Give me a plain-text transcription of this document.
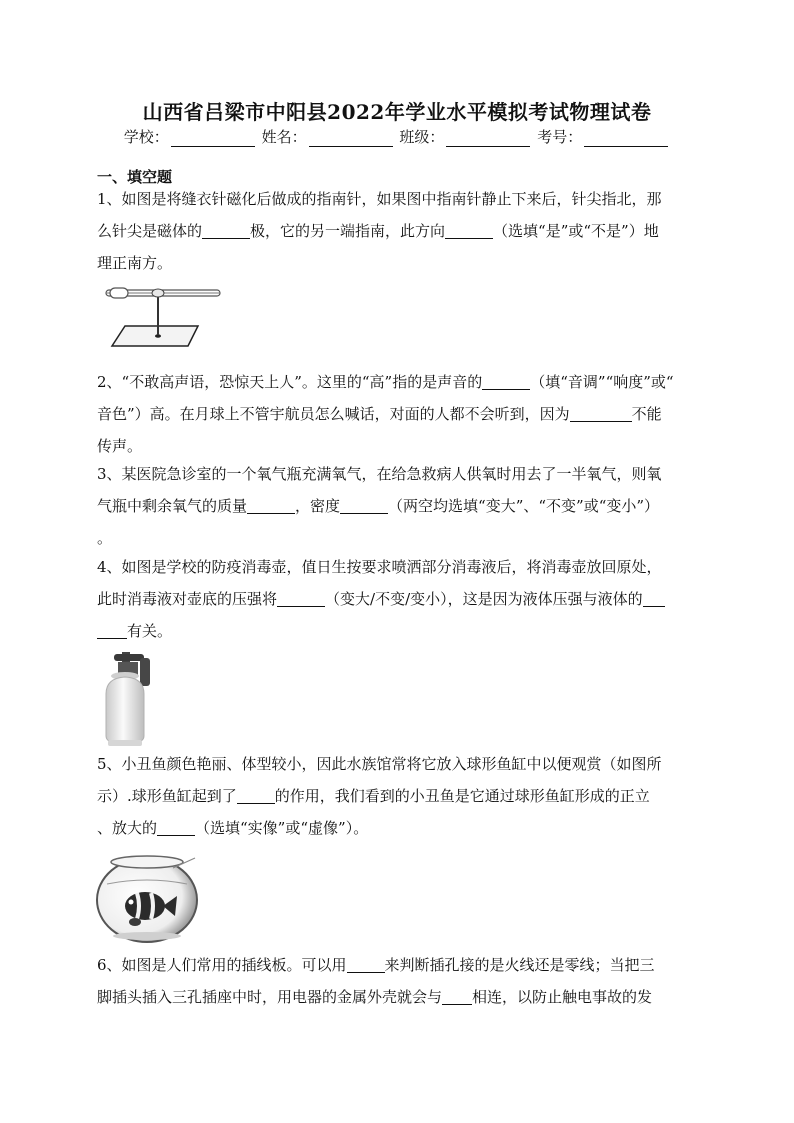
山西省吕梁市中阳县2022年学业水平模拟考试物理试卷
学校：	姓名：	班级：	考号：
一、填空题
1、如图是将缝衣针磁化后做成的指南针，如果图中指南针静止下来后，针尖指北，那
么针尖是磁体的	极，它的另一端指南，此方向	（选填“是”或“不是”）地
理正南方。
2、“不敢高声语，恐惊天上人”。这里的“高”指的是声音的	（填“音调”“响度”或“
音色”）高。在月球上不管宇航员怎么喊话，对面的人都不会听到，因为	不能
传声。
3、某医院急诊室的一个氧气瓶充满氧气，在给急救病人供氧时用去了一半氧气，则氧
气瓶中剩余氧气的质量	，密度	（两空均选填“变大”、“不变”或“变小”）
。
4、如图是学校的防疫消毒壶，值日生按要求喷洒部分消毒液后，将消毒壶放回原处，
此时消毒液对壶底的压强将	（变大/不变/变小），这是因为液体压强与液体的
有关。
5、小丑鱼颜色艳丽、体型较小，因此水族馆常将它放入球形鱼缸中以便观赏（如图所
示）.球形鱼缸起到了	的作用，我们看到的小丑鱼是它通过球形鱼缸形成的正立
、放大的	（选填“实像”或“虚像”）。
6、如图是人们常用的插线板。可以用	来判断插孔接的是火线还是零线；当把三
脚插头插入三孔插座中时，用电器的金属外壳就会与 相连，以防止触电事故的发
